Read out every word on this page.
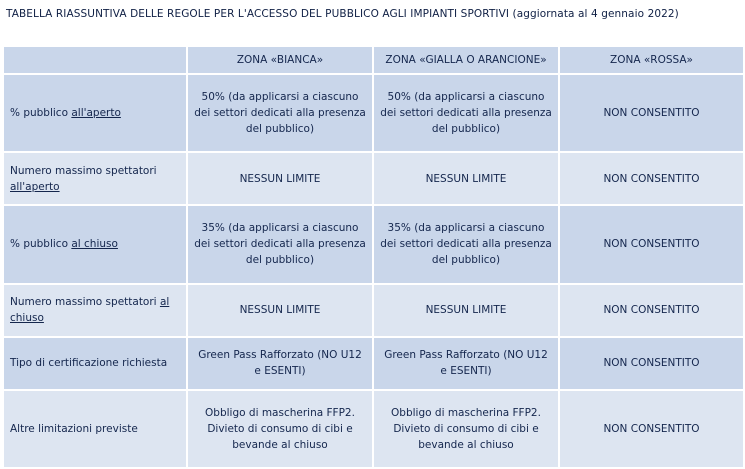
TABELLA RIASSUNTIVA DELLE REGOLE PER L'ACCESSO DEL PUBBLICO AGLI IMPIANTI SPORTIVI (aggiornata al 4 gennaio 2022)
	ZONA «BIANCA»	ZONA «GIALLA O ARANCIONE»	ZONA «ROSSA»
% pubblico all'aperto	50% (da applicarsi a ciascuno dei settori dedicati alla presenza del pubblico)	50% (da applicarsi a ciascuno dei settori dedicati alla presenza del pubblico)	NON CONSENTITO
Numero massimo spettatori all'aperto	NESSUN LIMITE	NESSUN LIMITE	NON CONSENTITO
% pubblico al chiuso	35% (da applicarsi a ciascuno dei settori dedicati alla presenza del pubblico)	35% (da applicarsi a ciascuno dei settori dedicati alla presenza del pubblico)	NON CONSENTITO
Numero massimo spettatori al chiuso	NESSUN LIMITE	NESSUN LIMITE	NON CONSENTITO
Tipo di certificazione richiesta	Green Pass Rafforzato (NO U12 e ESENTI)	Green Pass Rafforzato (NO U12 e ESENTI)	NON CONSENTITO
Altre limitazioni previste	Obbligo di mascherina FFP2. Divieto di consumo di cibi e bevande al chiuso	Obbligo di mascherina FFP2. Divieto di consumo di cibi e bevande al chiuso	NON CONSENTITO
